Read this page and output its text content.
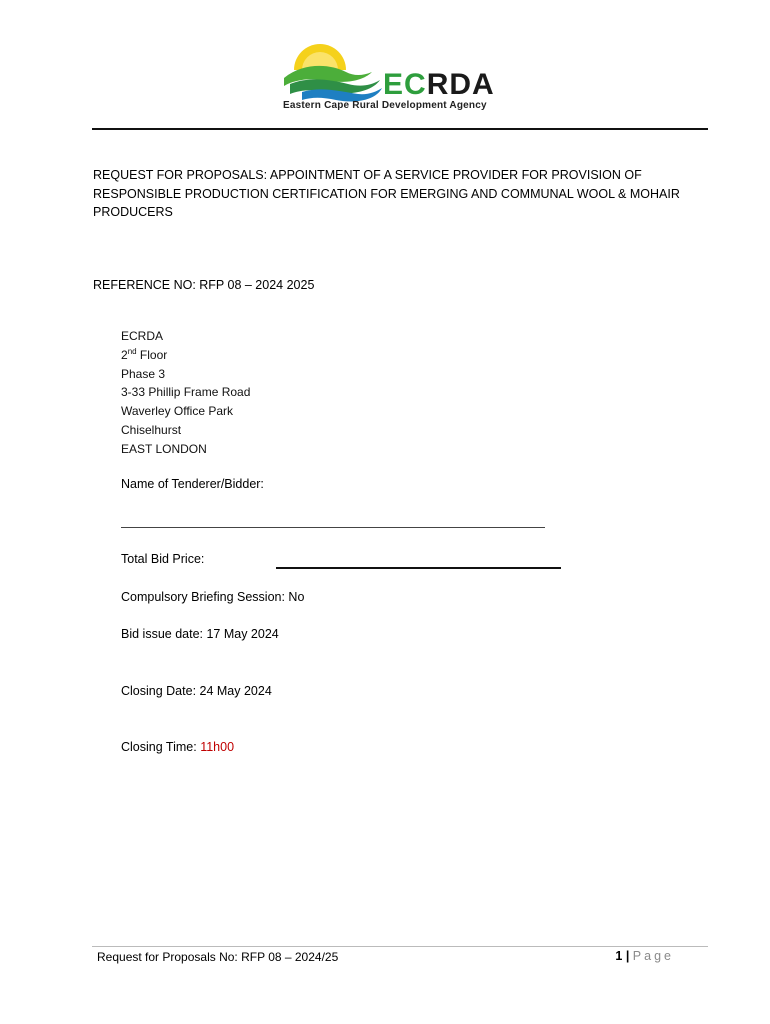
ECRDA
Eastern Cape Rural Development Agency
REQUEST FOR PROPOSALS: APPOINTMENT OF A SERVICE PROVIDER FOR PROVISION OF RESPONSIBLE PRODUCTION CERTIFICATION FOR EMERGING AND COMMUNAL WOOL & MOHAIR PRODUCERS
REFERENCE NO: RFP 08 – 2024 2025
ECRDA
2nd Floor
Phase 3
3-33 Phillip Frame Road
Waverley Office Park
Chiselhurst
EAST LONDON
Name of Tenderer/Bidder:
Total Bid Price:
Compulsory Briefing Session: No
Bid issue date: 17 May 2024
Closing Date: 24 May 2024
Closing Time: 11h00
Request for Proposals No: RFP 08 – 2024/25	1 | Page
